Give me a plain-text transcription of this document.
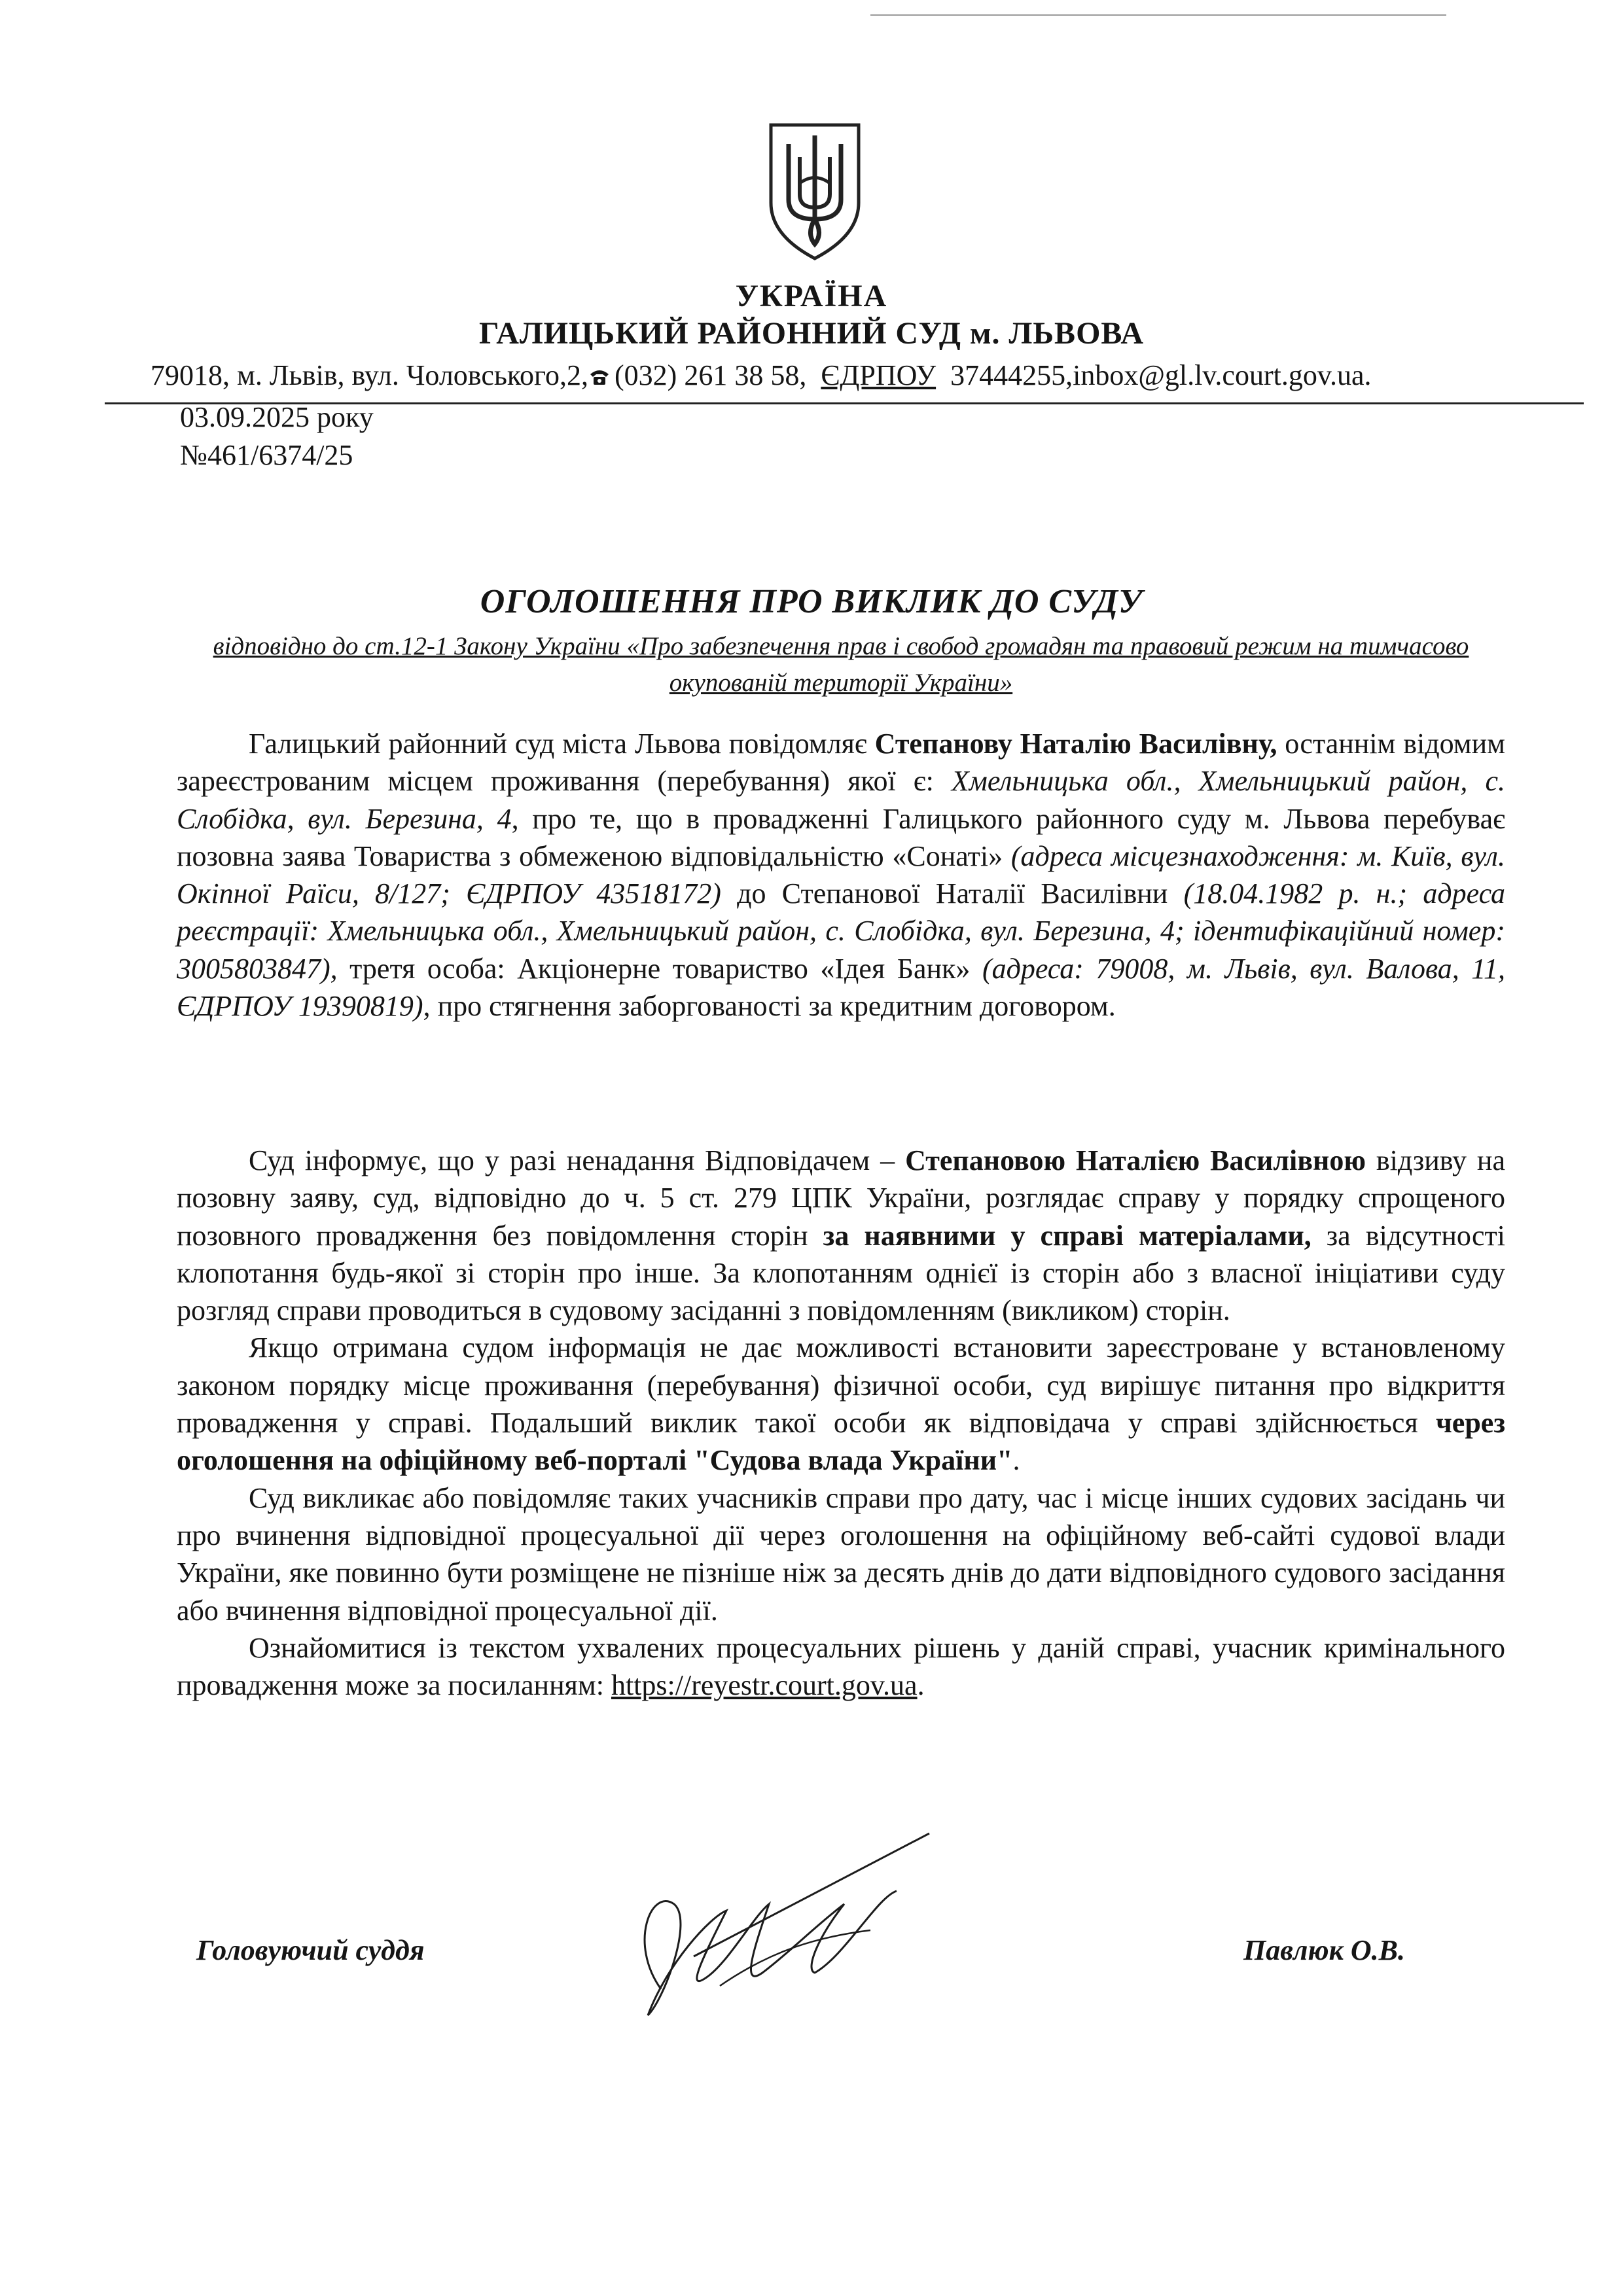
УКРАЇНА
ГАЛИЦЬКИЙ РАЙОННИЙ СУД м. ЛЬВОВА
79018, м. Львів, вул. Чоловського,2, (032) 261 38 58,  ЄДРПОУ 37444255,inbox@gl.lv.court.gov.ua.
03.09.2025 року
№461/6374/25
ОГОЛОШЕННЯ ПРО ВИКЛИК ДО СУДУ
відповідно до ст.12-1 Закону України «Про забезпечення прав і свобод громадян та правовий режим на тимчасово окупованій території України»

Галицький районний суд міста Львова повідомляє Степанову Наталію Василівну, останнім відомим зареєстрованим місцем проживання (перебування) якої є: Хмельницька обл., Хмельницький район, с. Слобідка, вул. Березина, 4, про те, що в провадженні Галицького районного суду м. Львова перебуває позовна заява Товариства з обмеженою відповідальністю «Сонаті» (адреса місцезнаходження: м. Київ, вул. Окіпної Раїси, 8/127; ЄДРПОУ 43518172) до Степанової Наталії Василівни (18.04.1982 р. н.; адреса реєстрації: Хмельницька обл., Хмельницький район, с. Слобідка, вул. Березина, 4; ідентифікаційний номер: 3005803847), третя особа: Акціонерне товариство «Ідея Банк» (адреса: 79008, м. Львів, вул. Валова, 11, ЄДРПОУ 19390819), про стягнення заборгованості за кредитним договором.

Суд інформує, що у разі ненадання Відповідачем – Степановою Наталією Василівною відзиву на позовну заяву, суд, відповідно до ч. 5 ст. 279 ЦПК України, розглядає справу у порядку спрощеного позовного провадження без повідомлення сторін за наявними у справі матеріалами, за відсутності клопотання будь-якої зі сторін про інше. За клопотанням однієї із сторін або з власної ініціативи суду розгляд справи проводиться в судовому засіданні з повідомленням (викликом) сторін.

Якщо отримана судом інформація не дає можливості встановити зареєстроване у встановленому законом порядку місце проживання (перебування) фізичної особи, суд вирішує питання про відкриття провадження у справі. Подальший виклик такої особи як відповідача у справі здійснюється через оголошення на офіційному веб-порталі "Судова влада України".

Суд викликає або повідомляє таких учасників справи про дату, час і місце інших судових засідань чи про вчинення відповідної процесуальної дії через оголошення на офіційному веб-сайті судової влади України, яке повинно бути розміщене не пізніше ніж за десять днів до дати відповідного судового засідання або вчинення відповідної процесуальної дії.

Ознайомитися із текстом ухвалених процесуальних рішень у даній справі, учасник кримінального провадження може за посиланням: https://reyestr.court.gov.ua.

Головуючий суддя	Павлюк О.В.
